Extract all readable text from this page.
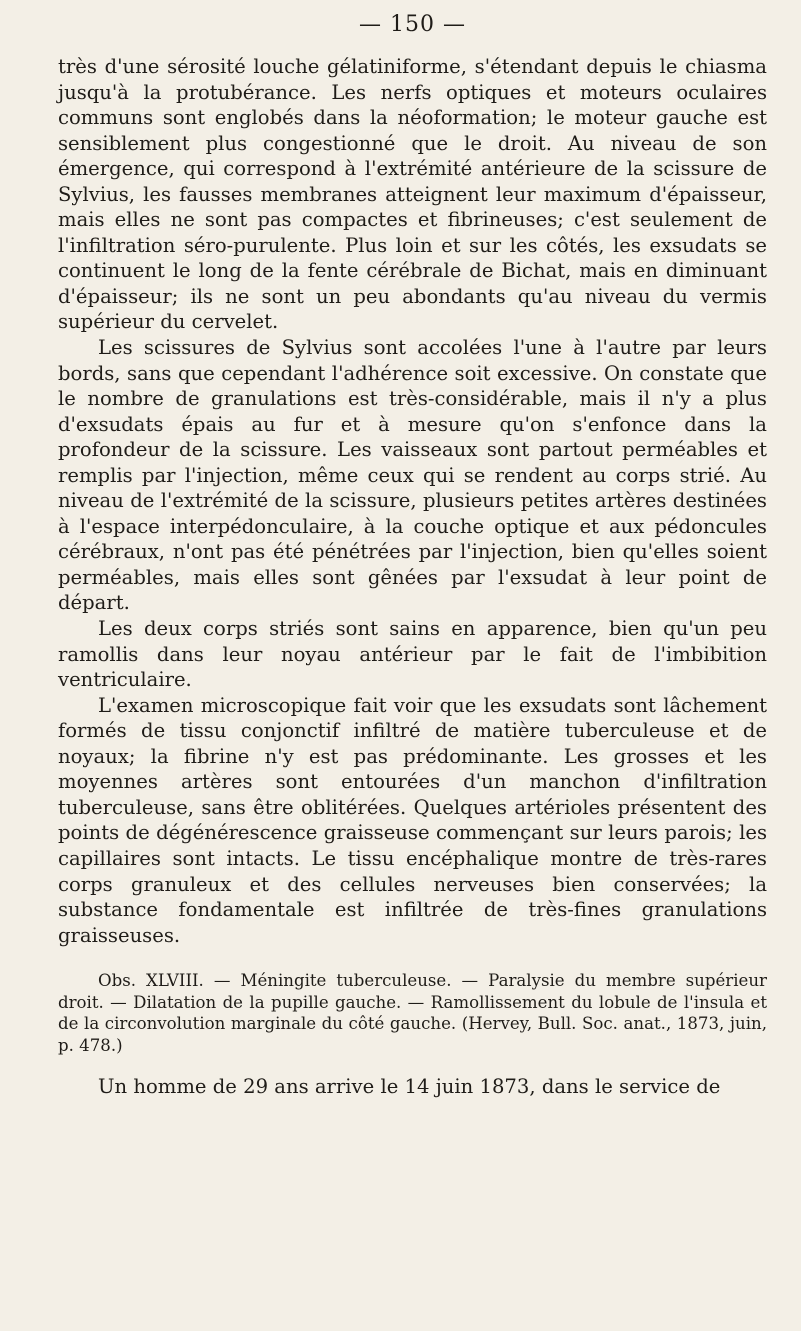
— 150 —

très d'une sérosité louche gélatiniforme, s'étendant depuis le chiasma jusqu'à la protubérance. Les nerfs optiques et moteurs oculaires communs sont englobés dans la néoformation; le moteur gauche est sensiblement plus congestionné que le droit. Au niveau de son émergence, qui correspond à l'extrémité antérieure de la scissure de Sylvius, les fausses membranes atteignent leur maximum d'épaisseur, mais elles ne sont pas compactes et fibrineuses; c'est seulement de l'infiltration séro-purulente. Plus loin et sur les côtés, les exsudats se continuent le long de la fente cérébrale de Bichat, mais en diminuant d'épaisseur; ils ne sont un peu abondants qu'au niveau du vermis supérieur du cervelet.

Les scissures de Sylvius sont accolées l'une à l'autre par leurs bords, sans que cependant l'adhérence soit excessive. On constate que le nombre de granulations est très-considérable, mais il n'y a plus d'exsudats épais au fur et à mesure qu'on s'enfonce dans la profondeur de la scissure. Les vaisseaux sont partout perméables et remplis par l'injection, même ceux qui se rendent au corps strié. Au niveau de l'extrémité de la scissure, plusieurs petites artères destinées à l'espace interpédonculaire, à la couche optique et aux pédoncules cérébraux, n'ont pas été pénétrées par l'injection, bien qu'elles soient perméables, mais elles sont gênées par l'exsudat à leur point de départ.

Les deux corps striés sont sains en apparence, bien qu'un peu ramollis dans leur noyau antérieur par le fait de l'imbibition ventriculaire.

L'examen microscopique fait voir que les exsudats sont lâchement formés de tissu conjonctif infiltré de matière tuberculeuse et de noyaux; la fibrine n'y est pas prédominante. Les grosses et les moyennes artères sont entourées d'un manchon d'infiltration tuberculeuse, sans être oblitérées. Quelques artérioles présentent des points de dégénérescence graisseuse commençant sur leurs parois; les capillaires sont intacts. Le tissu encéphalique montre de très-rares corps granuleux et des cellules nerveuses bien conservées; la substance fondamentale est infiltrée de très-fines granulations graisseuses.

Obs. XLVIII. — Méningite tuberculeuse. — Paralysie du membre supérieur droit. — Dilatation de la pupille gauche. — Ramollissement du lobule de l'insula et de la circonvolution marginale du côté gauche. (Hervey, Bull. Soc. anat., 1873, juin, p. 478.)

Un homme de 29 ans arrive le 14 juin 1873, dans le service de
